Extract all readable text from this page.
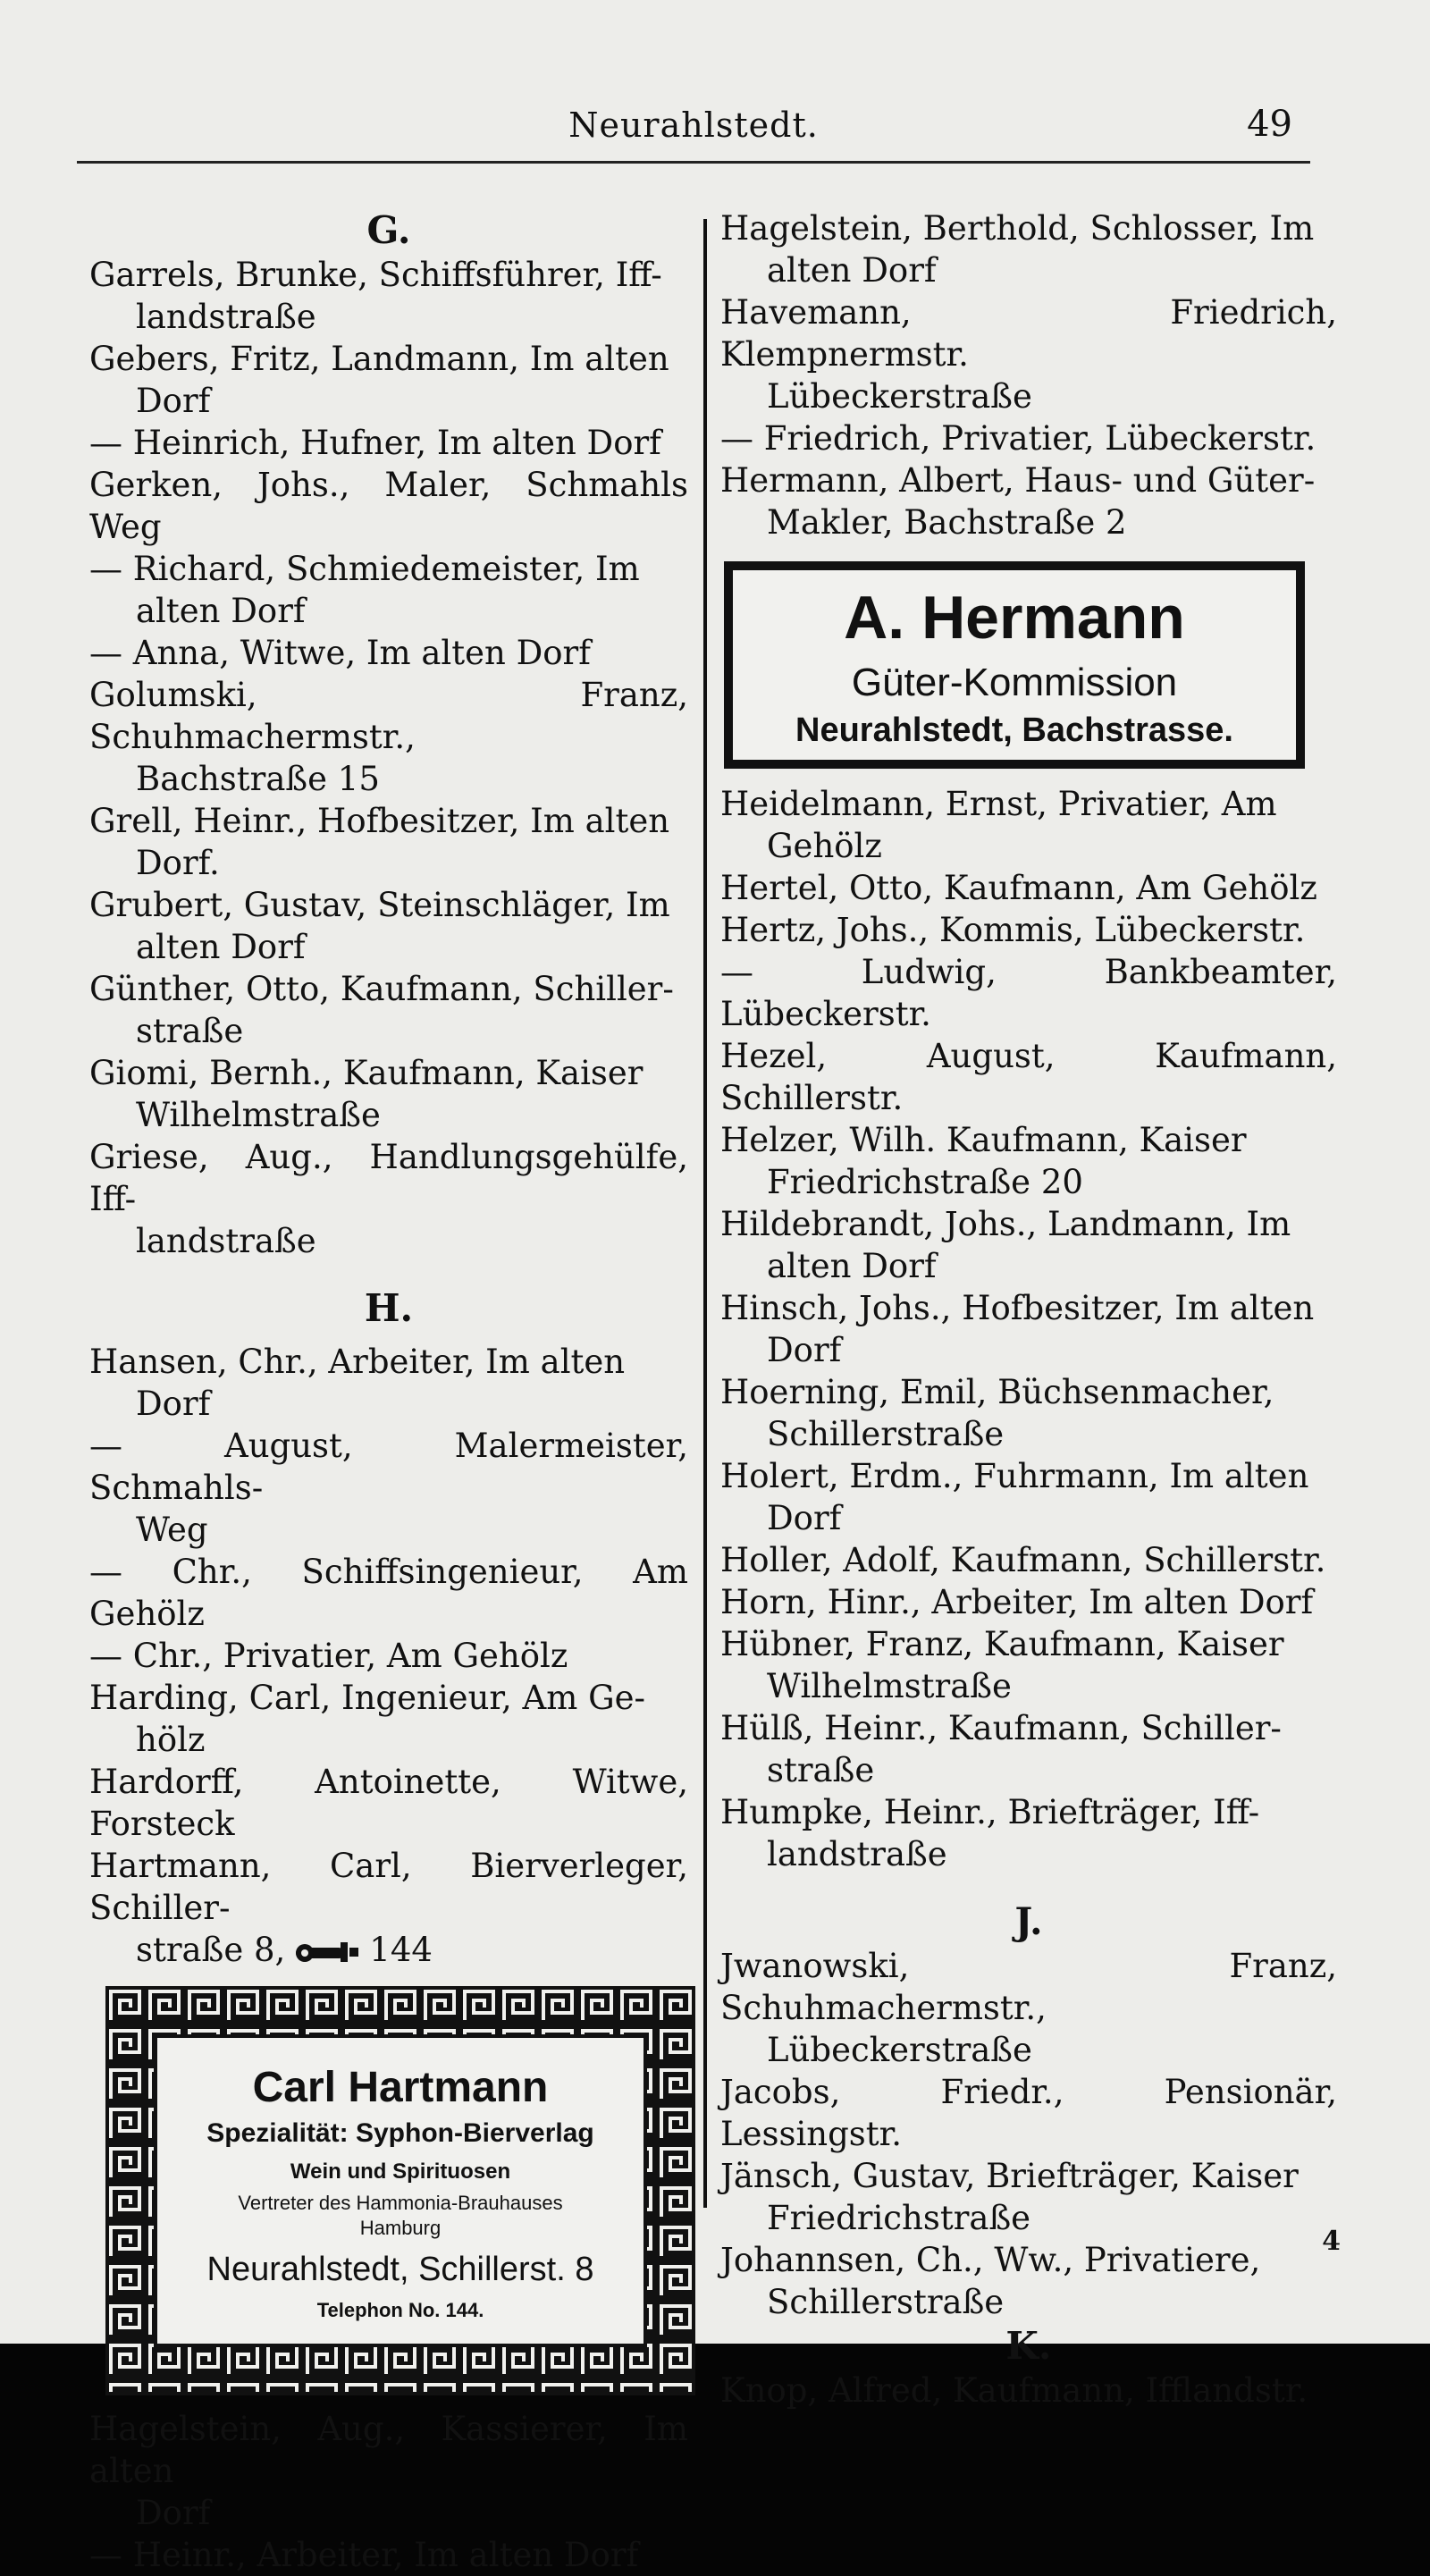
Neurahlstedt.	49
G.

Garrels, Brunke, Schiffsführer, Iff-
landstraße

Gebers, Fritz, Landmann, Im alten
Dorf

— Heinrich, Hufner, Im alten Dorf

Gerken, Johs., Maler, Schmahls Weg

— Richard, Schmiedemeister, Im
alten Dorf

— Anna, Witwe, Im alten Dorf

Golumski, Franz, Schuhmachermstr.,
Bachstraße 15

Grell, Heinr., Hofbesitzer, Im alten
Dorf.

Grubert, Gustav, Steinschläger, Im
alten Dorf

Günther, Otto, Kaufmann, Schiller-
straße

Giomi, Bernh., Kaufmann, Kaiser
Wilhelmstraße

Griese, Aug., Handlungsgehülfe, Iff-
landstraße

H.

Hansen, Chr., Arbeiter, Im alten
Dorf

— August, Malermeister, Schmahls-
Weg

— Chr., Schiffsingenieur, Am Gehölz

— Chr., Privatier, Am Gehölz

Harding, Carl, Ingenieur, Am Ge-
hölz

Hardorff, Antoinette, Witwe, Forsteck

Hartmann, Carl, Bierverleger, Schiller-

straße 8,	144

Carl Hartmann
Spezialität: Syphon-Bierverlag
Wein und Spirituosen
Vertreter des Hammonia-Brauhauses
Hamburg
Neurahlstedt, Schillerst. 8
Telephon No. 144.

Hagelstein, Aug., Kassierer, Im alten
Dorf

— Heinr., Arbeiter, Im alten Dorf

Hagelstein, Berthold, Schlosser, Im
alten Dorf

Havemann, Friedrich, Klempnermstr.
Lübeckerstraße

— Friedrich, Privatier, Lübeckerstr.

Hermann, Albert, Haus- und Güter-
Makler, Bachstraße 2

A. Hermann
Güter-Kommission
Neurahlstedt, Bachstrasse.

Heidelmann, Ernst, Privatier, Am
Gehölz

Hertel, Otto, Kaufmann, Am Gehölz

Hertz, Johs., Kommis, Lübeckerstr.

— Ludwig, Bankbeamter, Lübeckerstr.

Hezel, August, Kaufmann, Schillerstr.

Helzer, Wilh. Kaufmann, Kaiser
Friedrichstraße 20

Hildebrandt, Johs., Landmann, Im
alten Dorf

Hinsch, Johs., Hofbesitzer, Im alten
Dorf

Hoerning, Emil, Büchsenmacher,
Schillerstraße

Holert, Erdm., Fuhrmann, Im alten
Dorf

Holler, Adolf, Kaufmann, Schillerstr.

Horn, Hinr., Arbeiter, Im alten Dorf

Hübner, Franz, Kaufmann, Kaiser
Wilhelmstraße

Hülß, Heinr., Kaufmann, Schiller-
straße

Humpke, Heinr., Briefträger, Iff-
landstraße

J.

Jwanowski, Franz, Schuhmachermstr.,
Lübeckerstraße

Jacobs, Friedr., Pensionär, Lessingstr.

Jänsch, Gustav, Briefträger, Kaiser
Friedrichstraße

Johannsen, Ch., Ww., Privatiere,
Schillerstraße

K.

Knop, Alfred, Kaufmann, Ifflandstr.

4
